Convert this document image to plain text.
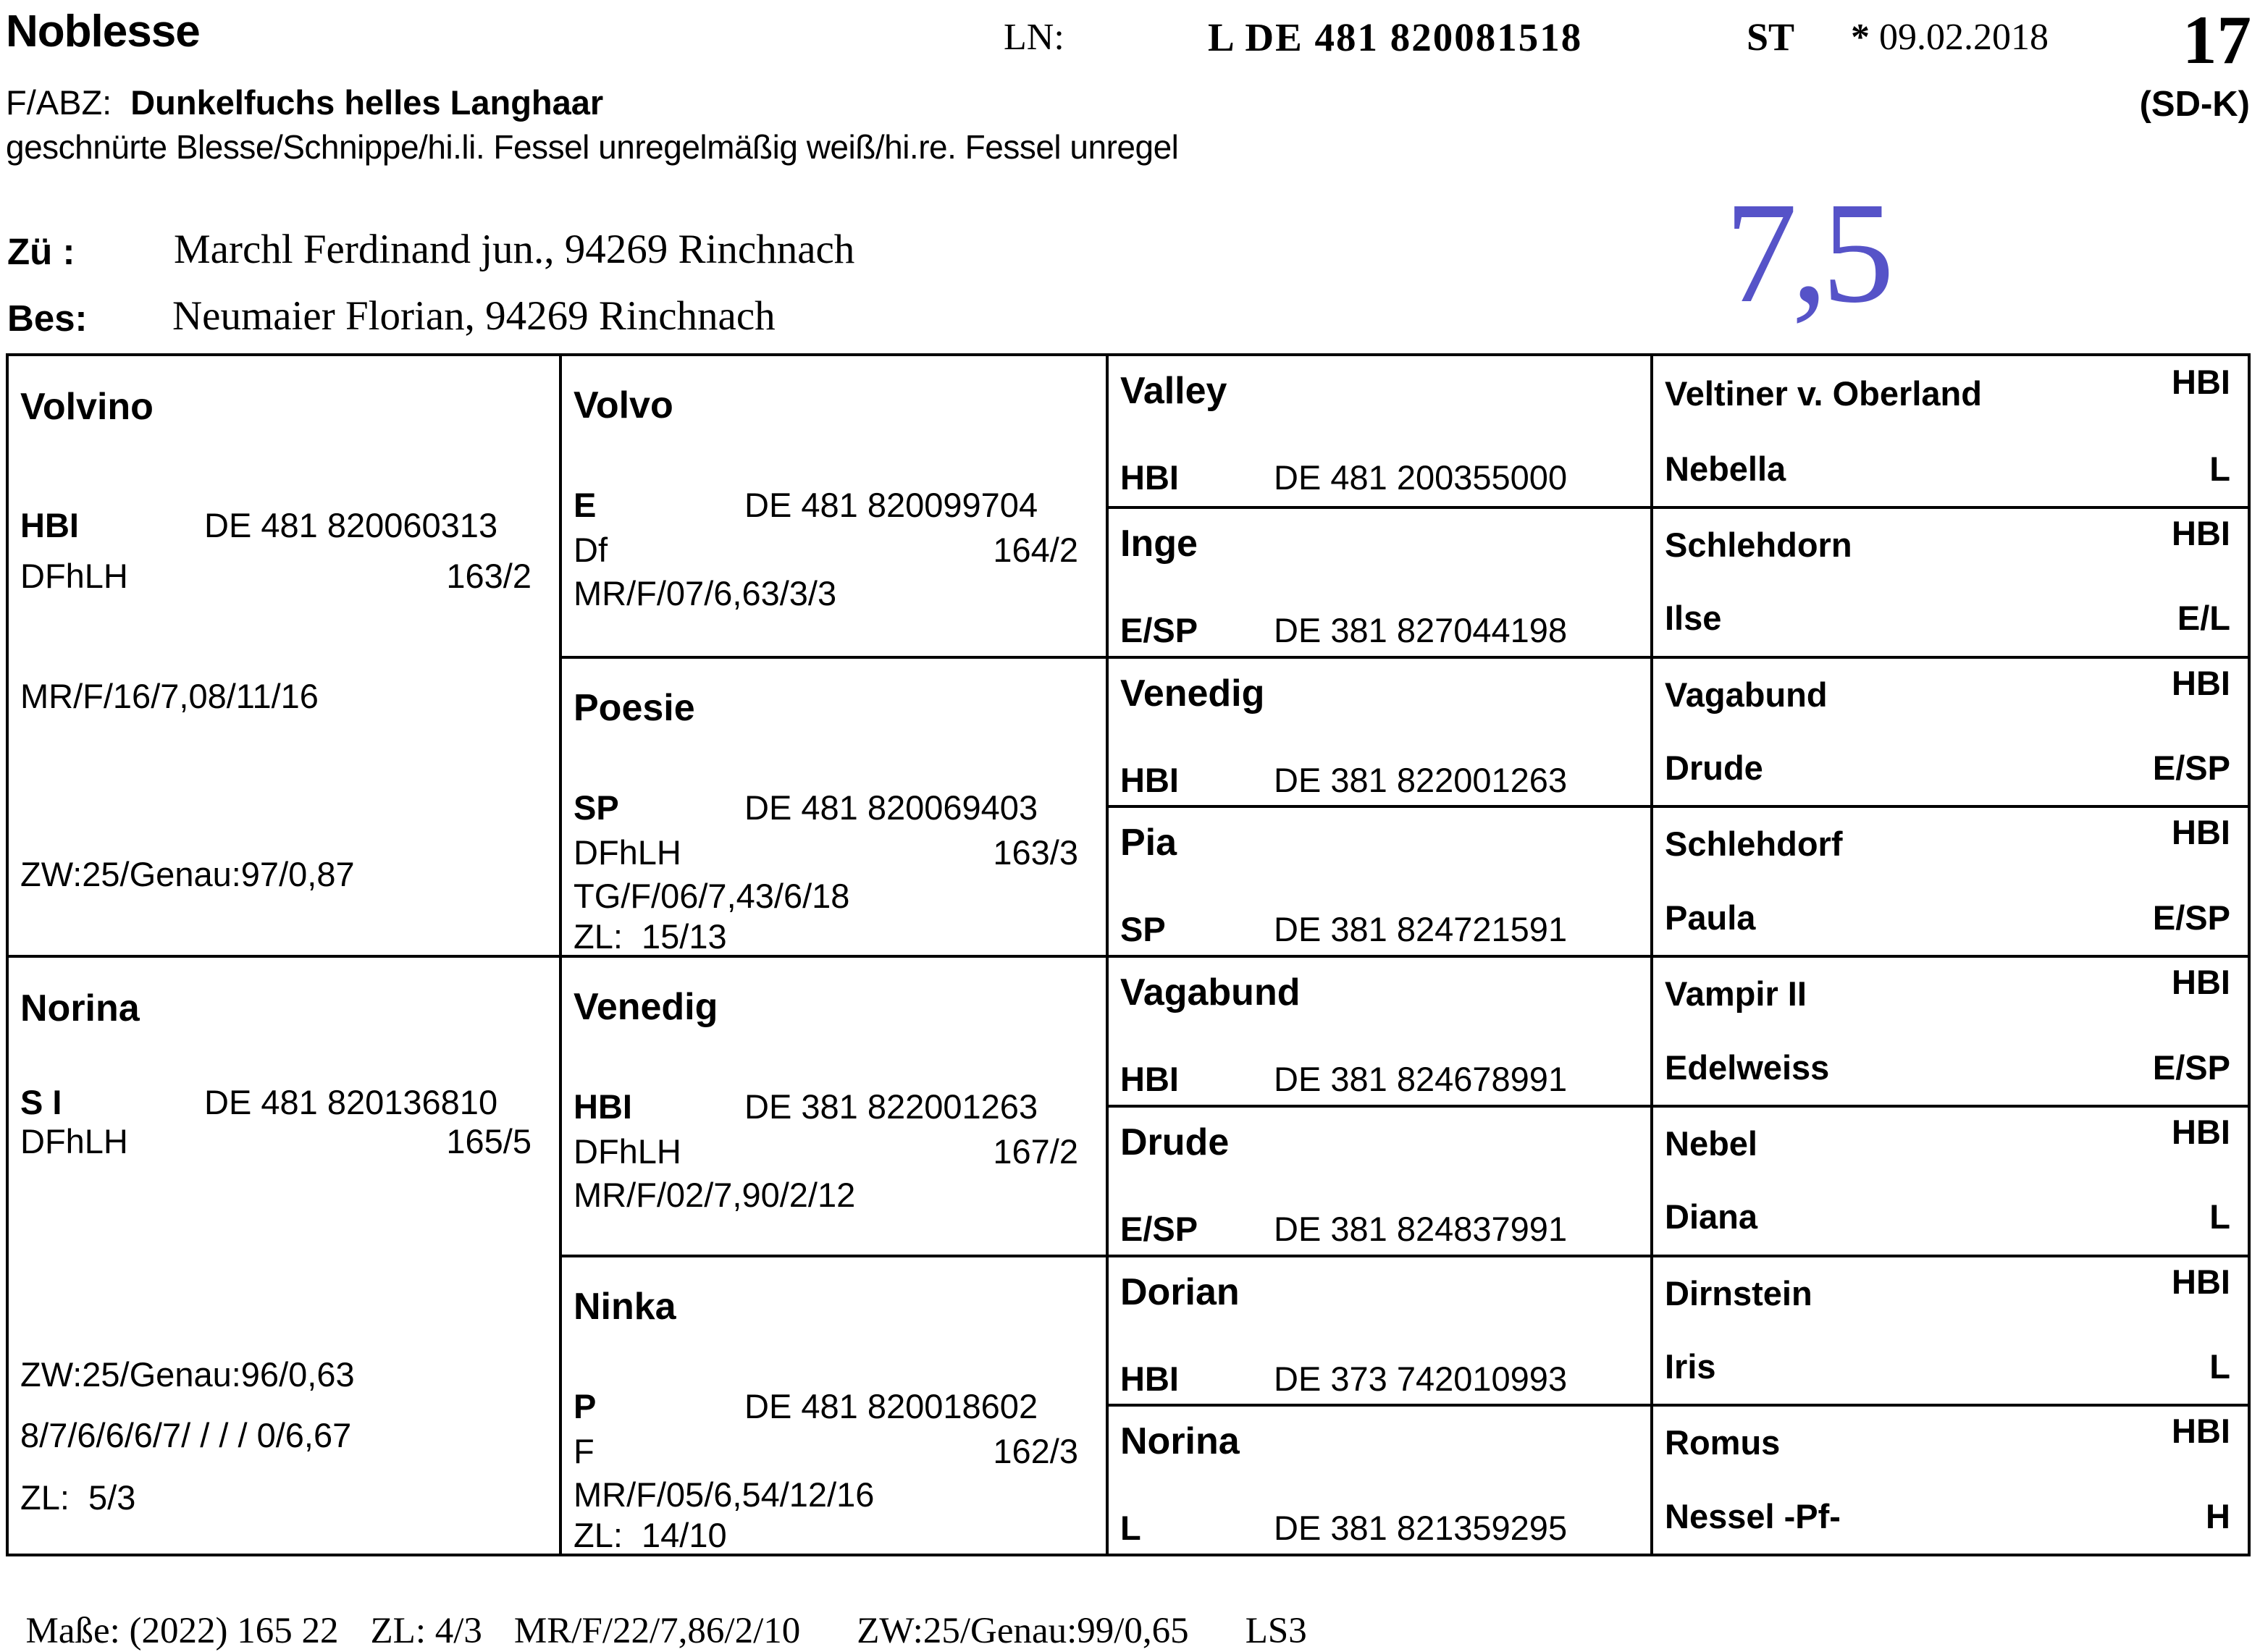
Noblesse	LN:	L DE 481 820081518	ST * 09.02.2018 17
F/ABZ: Dunkelfuchs helles Langhaar	(SD-K)
geschnürte Blesse/Schnippe/hi.li. Fessel unregelmäßig weiß/hi.re. Fessel unregel
Zü : Marchl Ferdinand jun., 94269 Rinchnach
Bes: Neumaier Florian, 94269 Rinchnach	7,5
Volvino
HBI	DE 481 820060313
DFhLH	163/2
MR/F/16/7,08/11/16
ZW:25/Genau:97/0,87
Norina
S I	DE 481 820136810
DFhLH	165/5
ZW:25/Genau:96/0,63
8/7/6/6/6/7/ / / / 0/6,67
ZL:  5/3
Volvo
E	DE 481 820099704
Df	164/2
MR/F/07/6,63/3/3
Poesie
SP	DE 481 820069403
DFhLH	163/3
TG/F/06/7,43/6/18
ZL:  15/13
Venedig
HBI	DE 381 822001263
DFhLH	167/2
MR/F/02/7,90/2/12
Ninka
P	DE 481 820018602
F	162/3
MR/F/05/6,54/12/16
ZL:  14/10
Valley
HBI	DE 481 200355000
Inge
E/SP DE 381 827044198
Venedig
HBI	DE 381 822001263
Pia
SP	DE 381 824721591
Vagabund
HBI	DE 381 824678991
Drude
E/SP DE 381 824837991
Dorian
HBI	DE 373 742010993
Norina
L	DE 381 821359295
Veltiner v. Oberland	HBI
Nebella	L
Schlehdorn	HBI
Ilse	E/L
Vagabund	HBI
Drude	E/SP
Schlehdorf	HBI
Paula	E/SP
Vampir II	HBI
Edelweiss	E/SP
Nebel	HBI
Diana	L
Dirnstein	HBI
Iris	L
Romus	HBI
Nessel -Pf-	H

Maße: (2022) 165 22 ZL: 4/3 MR/F/22/7,86/2/10 ZW:25/Genau:99/0,65 LS3
